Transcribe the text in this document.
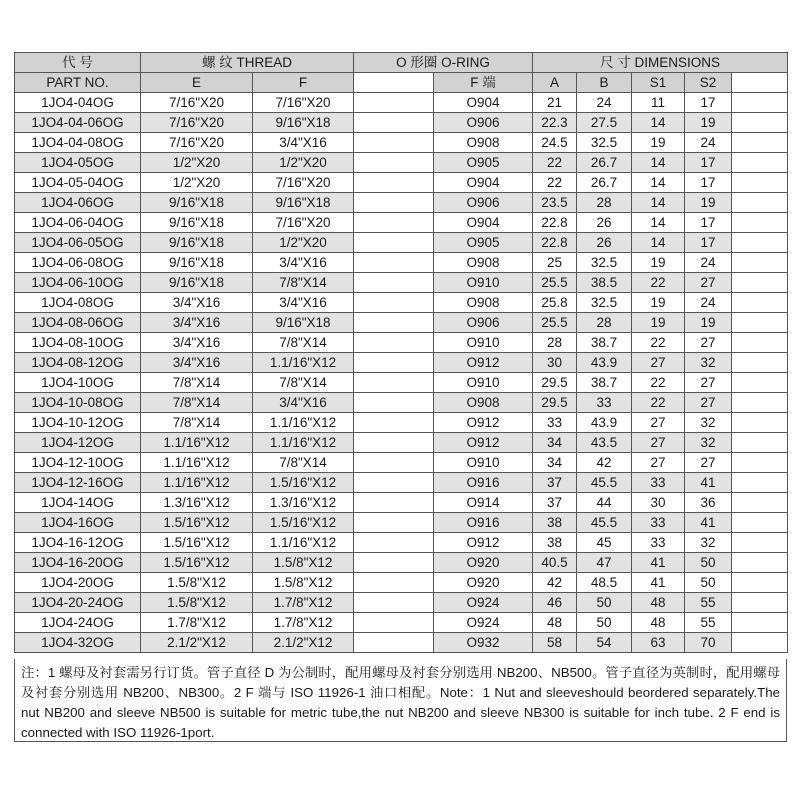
代 号	螺 纹 THREAD		O 形圈 O-RING		尺 寸 DIMENSIONS				
PART NO.	E	F		F 端	A	B	S1	S2	
1JO4-04OG	7/16"X20	7/16"X20		O904	21	24	11	17	
1JO4-04-06OG	7/16"X20	9/16"X18		O906	22.3	27.5	14	19	
1JO4-04-08OG	7/16"X20	3/4"X16		O908	24.5	32.5	19	24	
1JO4-05OG	1/2"X20	1/2"X20		O905	22	26.7	14	17	
1JO4-05-04OG	1/2"X20	7/16"X20		O904	22	26.7	14	17	
1JO4-06OG	9/16"X18	9/16"X18		O906	23.5	28	14	19	
1JO4-06-04OG	9/16"X18	7/16"X20		O904	22.8	26	14	17	
1JO4-06-05OG	9/16"X18	1/2"X20		O905	22.8	26	14	17	
1JO4-06-08OG	9/16"X18	3/4"X16		O908	25	32.5	19	24	
1JO4-06-10OG	9/16"X18	7/8"X14		O910	25.5	38.5	22	27	
1JO4-08OG	3/4"X16	3/4"X16		O908	25.8	32.5	19	24	
1JO4-08-06OG	3/4"X16	9/16"X18		O906	25.5	28	19	19	
1JO4-08-10OG	3/4"X16	7/8"X14		O910	28	38.7	22	27	
1JO4-08-12OG	3/4"X16	1.1/16"X12		O912	30	43.9	27	32	
1JO4-10OG	7/8"X14	7/8"X14		O910	29.5	38.7	22	27	
1JO4-10-08OG	7/8"X14	3/4"X16		O908	29.5	33	22	27	
1JO4-10-12OG	7/8"X14	1.1/16"X12		O912	33	43.9	27	32	
1JO4-12OG	1.1/16"X12	1.1/16"X12		O912	34	43.5	27	32	
1JO4-12-10OG	1.1/16"X12	7/8"X14		O910	34	42	27	27	
1JO4-12-16OG	1.1/16"X12	1.5/16"X12		O916	37	45.5	33	41	
1JO4-14OG	1.3/16"X12	1.3/16"X12		O914	37	44	30	36	
1JO4-16OG	1.5/16"X12	1.5/16"X12		O916	38	45.5	33	41	
1JO4-16-12OG	1.5/16"X12	1.1/16"X12		O912	38	45	33	32	
1JO4-16-20OG	1.5/16"X12	1.5/8"X12		O920	40.5	47	41	50	
1JO4-20OG	1.5/8"X12	1.5/8"X12		O920	42	48.5	41	50	
1JO4-20-24OG	1.5/8"X12	1.7/8"X12		O924	46	50	48	55	
1JO4-24OG	1.7/8"X12	1.7/8"X12		O924	48	50	48	55	
1JO4-32OG	2.1/2"X12	2.1/2"X12		O932	58	54	63	70	
注：1 螺母及衬套需另行订货。管子直径 D 为公制时，配用螺母及衬套分别选用 NB200、NB500。管子直径为英制时，配用螺母及衬套分别选用 NB200、NB300。2 F 端与 ISO 11926-1 油口相配。Note：1 Nut and sleeveshould beordered separately.The nut NB200 and sleeve NB500 is suitable for metric tube,the nut NB200 and sleeve NB300 is suitable for inch tube. 2 F end is connected with ISO 11926-1port.
